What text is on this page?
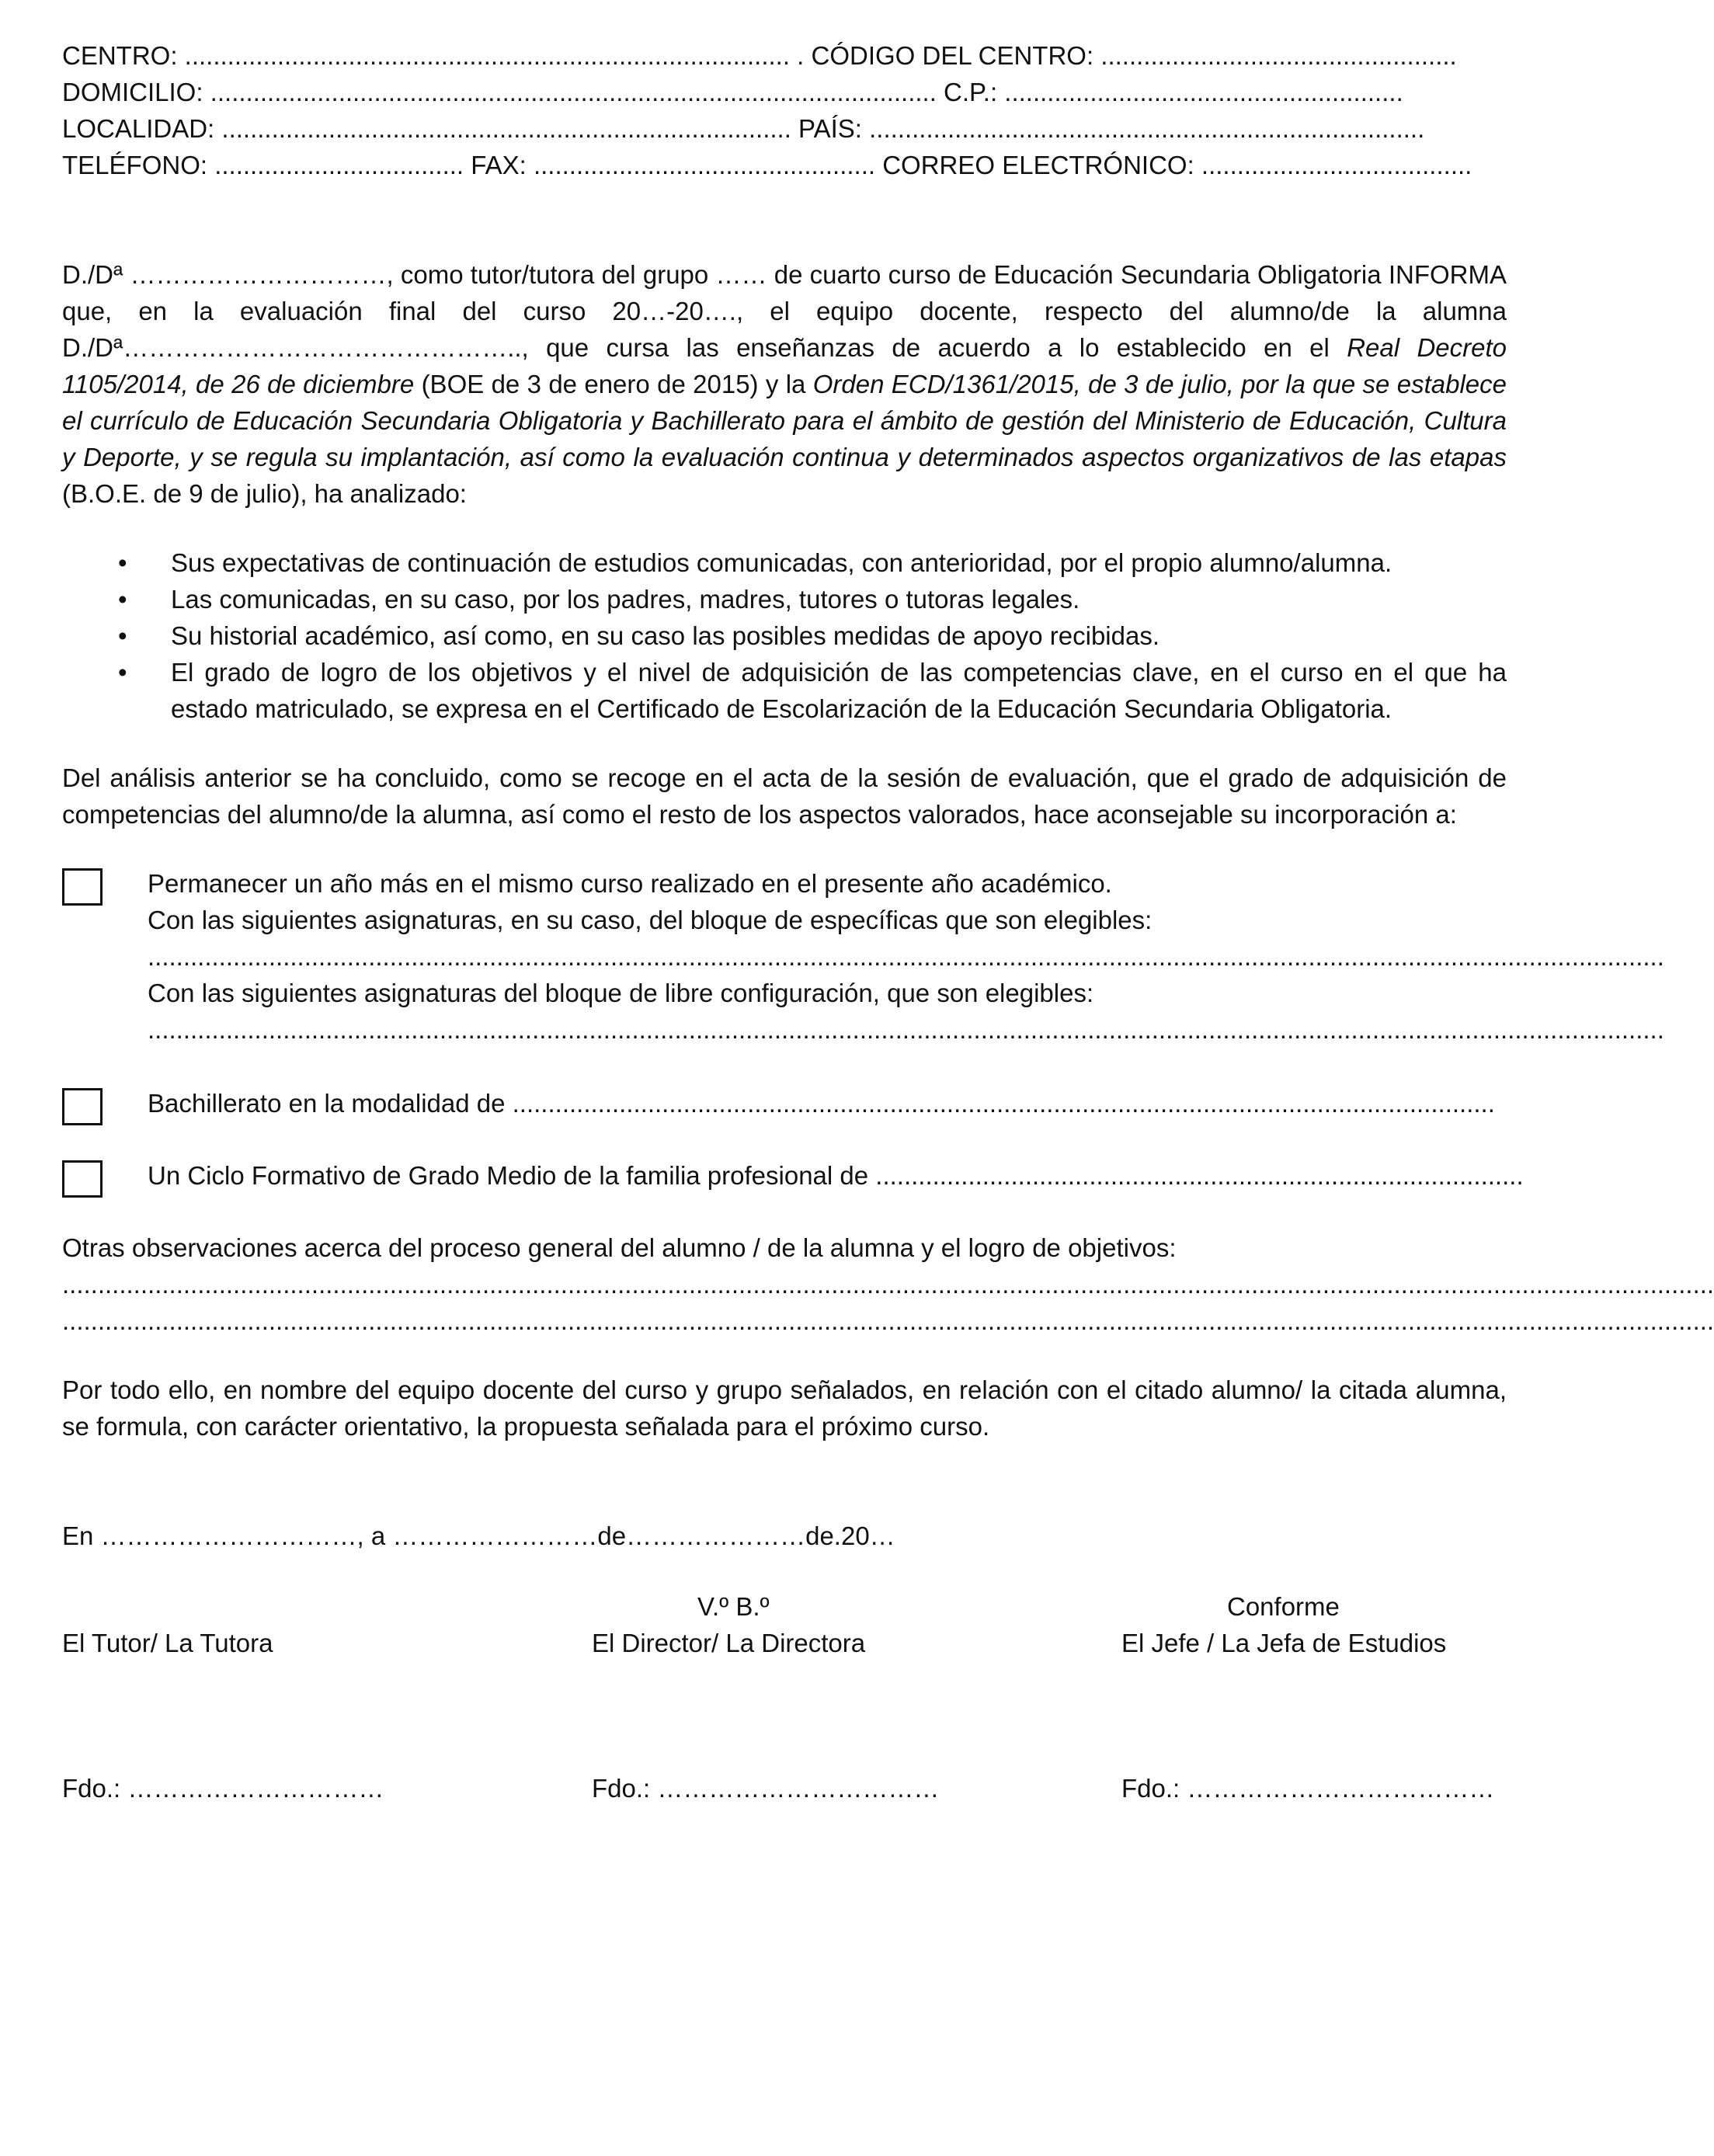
CENTRO: ..................................................................................... . CÓDIGO DEL CENTRO: ..................................................
DOMICILIO: ...................................................................................................... C.P.: ........................................................
LOCALIDAD: ................................................................................ PAÍS: ..............................................................................
TELÉFONO: ................................... FAX: ................................................ CORREO ELECTRÓNICO: ......................................

D./Dª …………………………, como tutor/tutora del grupo …… de cuarto curso de Educación Secundaria Obligatoria INFORMA que, en la evaluación final del curso 20…-20…., el equipo docente, respecto del alumno/de la alumna D./Dª……………………………………….., que cursa las enseñanzas de acuerdo a lo establecido en el Real Decreto 1105/2014, de 26 de diciembre (BOE de 3 de enero de 2015) y la Orden ECD/1361/2015, de 3 de julio, por la que se establece el currículo de Educación Secundaria Obligatoria y Bachillerato para el ámbito de gestión del Ministerio de Educación, Cultura y Deporte, y se regula su implantación, así como la evaluación continua y determinados aspectos organizativos de las etapas (B.O.E. de 9 de julio), ha analizado:

• Sus expectativas de continuación de estudios comunicadas, con anterioridad, por el propio alumno/alumna.
• Las comunicadas, en su caso, por los padres, madres, tutores o tutoras legales.
• Su historial académico, así como, en su caso las posibles medidas de apoyo recibidas.
• El grado de logro de los objetivos y el nivel de adquisición de las competencias clave, en el curso en el que ha estado matriculado, se expresa en el Certificado de Escolarización de la Educación Secundaria Obligatoria.

Del análisis anterior se ha concluido, como se recoge en el acta de la sesión de evaluación, que el grado de adquisición de competencias del alumno/de la alumna, así como el resto de los aspectos valorados, hace aconsejable su incorporación a:

Permanecer un año más en el mismo curso realizado en el presente año académico.
Con las siguientes asignaturas, en su caso, del bloque de específicas que son elegibles:
.....................................................................................................................................................................................................................
Con las siguientes asignaturas del bloque de libre configuración, que son elegibles:
.....................................................................................................................................................................................................................
Bachillerato en la modalidad de ..........................................................................................................................................
Un Ciclo Formativo de Grado Medio de la familia profesional de ...........................................................................................
Otras observaciones acerca del proceso general del alumno / de la alumna y el logro de objetivos:
........................................................................................................................................................................................................................................
........................................................................................................................................................................................................................................

Por todo ello, en nombre del equipo docente del curso y grupo señalados, en relación con el citado alumno/ la citada alumna, se formula, con carácter orientativo, la propuesta señalada para el próximo curso.

En …………………………, a ……………………de…………………de.20…

El Tutor/ La Tutora
V.º B.º
El Director/ La Directora
Conforme
El Jefe / La Jefa de Estudios
Fdo.: …………………………	Fdo.: ……………………………	Fdo.: ………………………………
